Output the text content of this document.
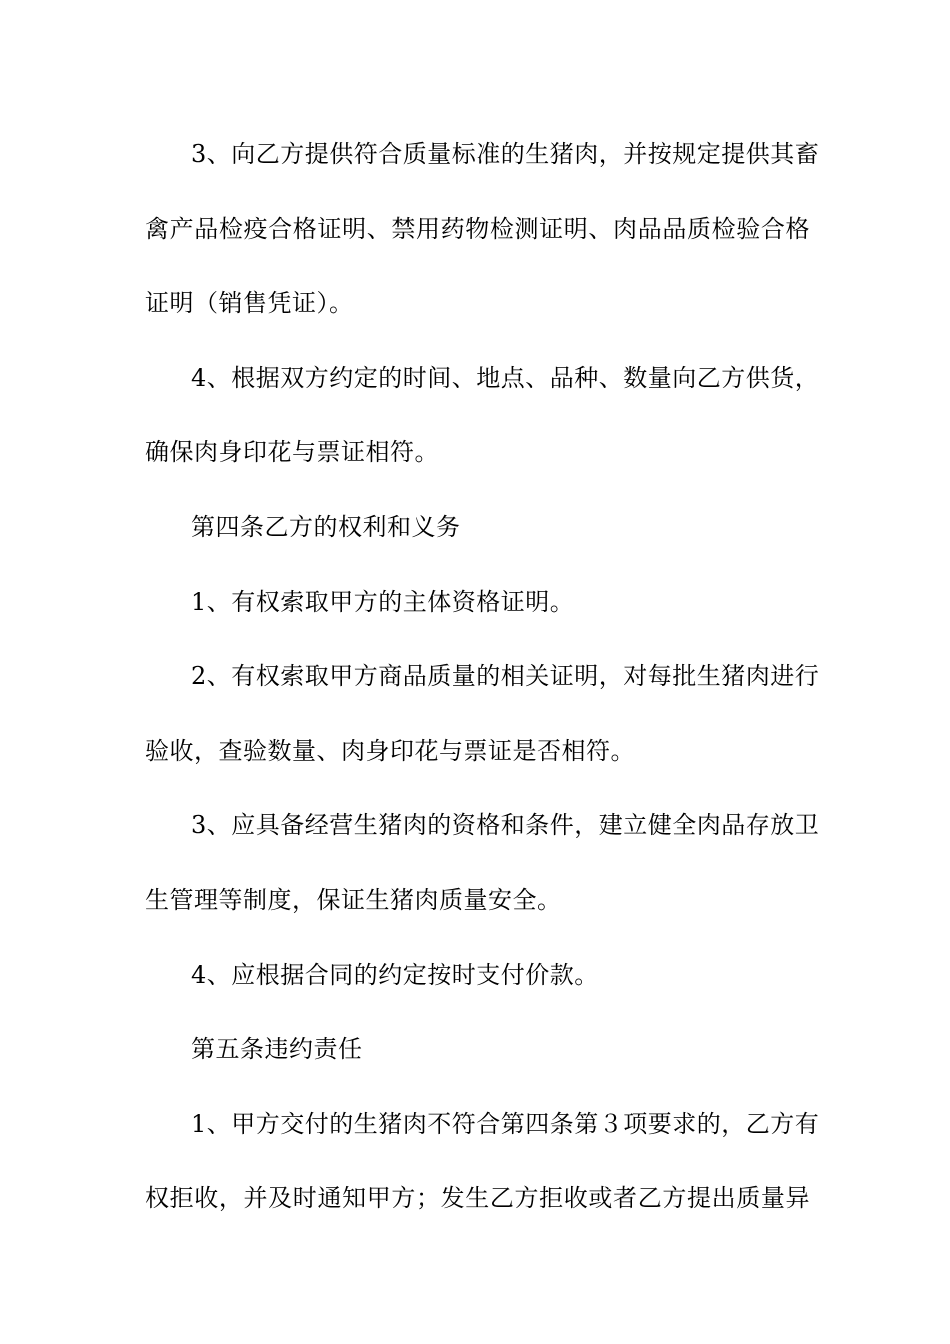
3、向乙方提供符合质量标准的生猪肉，并按规定提供其畜
禽产品检疫合格证明、禁用药物检测证明、肉品品质检验合格
证明（销售凭证）。
4、根据双方约定的时间、地点、品种、数量向乙方供货，
确保肉身印花与票证相符。
第四条乙方的权利和义务
1、有权索取甲方的主体资格证明。
2、有权索取甲方商品质量的相关证明，对每批生猪肉进行
验收，查验数量、肉身印花与票证是否相符。
3、应具备经营生猪肉的资格和条件，建立健全肉品存放卫
生管理等制度，保证生猪肉质量安全。
4、应根据合同的约定按时支付价款。
第五条违约责任
1、甲方交付的生猪肉不符合第四条第３项要求的，乙方有
权拒收，并及时通知甲方；发生乙方拒收或者乙方提出质量异
